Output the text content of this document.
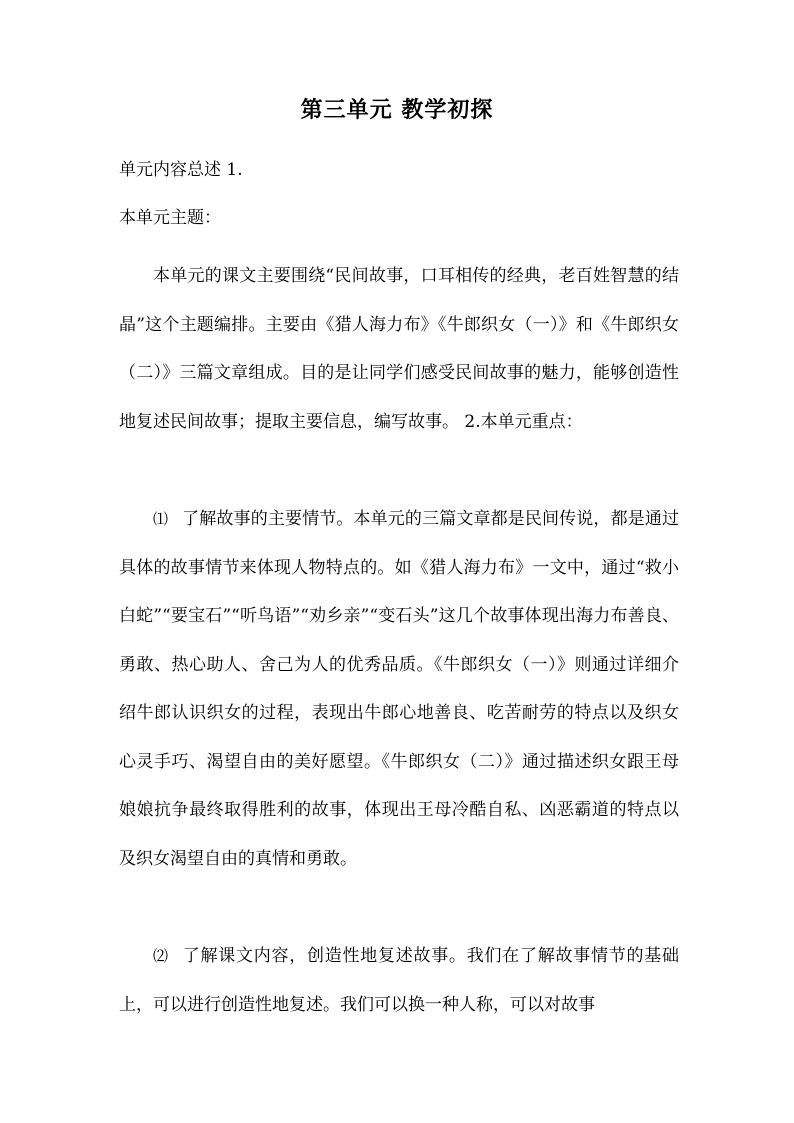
第三单元 教学初探
单元内容总述 1.
本单元主题：
本单元的课文主要围绕“民间故事，口耳相传的经典，老百姓智慧的结晶”这个主题编排。主要由《猎人海力布》《牛郎织女（一）》和《牛郎织女（二）》三篇文章组成。目的是让同学们感受民间故事的魅力，能够创造性地复述民间故事；提取主要信息，编写故事。 2.本单元重点：
⑴ 了解故事的主要情节。本单元的三篇文章都是民间传说，都是通过具体的故事情节来体现人物特点的。如《猎人海力布》一文中，通过“救小白蛇”“要宝石”“听鸟语”“劝乡亲”“变石头”这几个故事体现出海力布善良、勇敢、热心助人、舍己为人的优秀品质。《牛郎织女（一）》则通过详细介绍牛郎认识织女的过程，表现出牛郎心地善良、吃苦耐劳的特点以及织女心灵手巧、渴望自由的美好愿望。《牛郎织女（二）》通过描述织女跟王母娘娘抗争最终取得胜利的故事，体现出王母冷酷自私、凶恶霸道的特点以及织女渴望自由的真情和勇敢。
⑵ 了解课文内容，创造性地复述故事。我们在了解故事情节的基础上，可以进行创造性地复述。我们可以换一种人称，可以对故事
